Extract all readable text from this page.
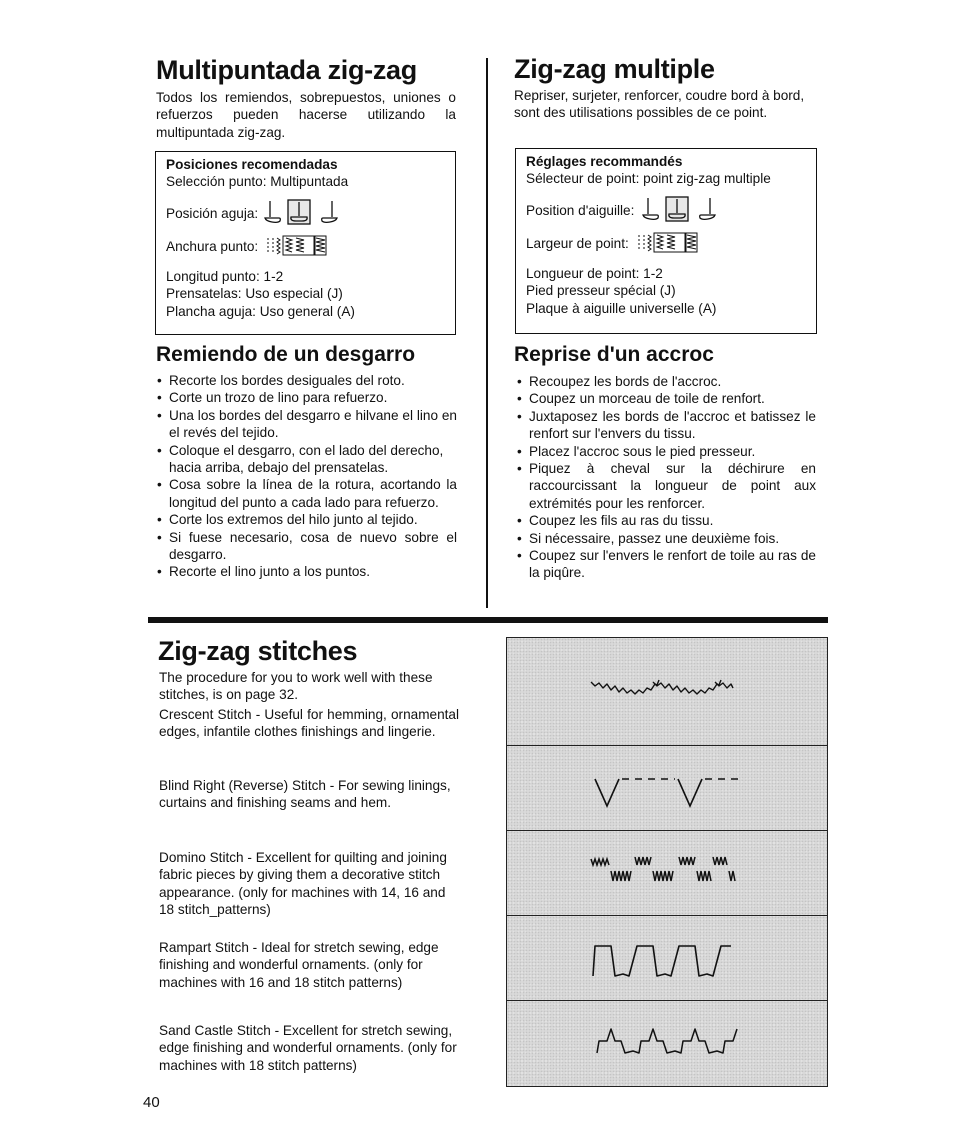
Multipuntada zig-zag

Todos los remiendos, sobrepuestos, uniones o refuerzos pueden hacerse utilizando la multipuntada zig-zag.

Posiciones recomendadas
Selección punto: Multipuntada
Posición aguja:
Anchura punto:
Longitud punto: 1-2
Prensatelas: Uso especial (J)
Plancha aguja: Uso general (A)
Remiendo de un desgarro
• Recorte los bordes desiguales del roto.
• Corte un trozo de lino para refuerzo.
• Una los bordes del desgarro e hilvane el lino en el revés del tejido.
• Coloque el desgarro, con el lado del derecho, hacia arriba, debajo del prensatelas.
• Cosa sobre la línea de la rotura, acortando la longitud del punto a cada lado para refuerzo.
• Corte los extremos del hilo junto al tejido.
• Si fuese necesario, cosa de nuevo sobre el desgarro.
• Recorte el lino junto a los puntos.
Zig-zag multiple

Repriser, surjeter, renforcer, coudre bord à bord, sont des utilisations possibles de ce point.

Réglages recommandés
Sélecteur de point: point zig-zag multiple
Position d'aiguille:
Largeur de point:
Longueur de point: 1-2
Pied presseur spécial (J)
Plaque à aiguille universelle (A)
Reprise d'un accroc
• Recoupez les bords de l'accroc.
• Coupez un morceau de toile de renfort.
• Juxtaposez les bords de l'accroc et batissez le renfort sur l'envers du tissu.
• Placez l'accroc sous le pied presseur.
• Piquez à cheval sur la déchirure en raccourcissant la longueur de point aux extrémités pour les renforcer.
• Coupez les fils au ras du tissu.
• Si nécessaire, passez une deuxième fois.
• Coupez sur l'envers le renfort de toile au ras de la piqûre.
Zig-zag stitches

The procedure for you to work well with these stitches, is on page 32.

Crescent Stitch - Useful for hemming, ornamental edges, infantile clothes finishings and lingerie.

Blind Right (Reverse) Stitch - For sewing linings, curtains and finishing seams and hem.

Domino Stitch - Excellent for quilting and joining fabric pieces by giving them a decorative stitch appearance. (only for machines with 14, 16 and 18 stitch_patterns)

Rampart Stitch - Ideal for stretch sewing, edge finishing and wonderful ornaments. (only for machines with 16 and 18 stitch patterns)

Sand Castle Stitch - Excellent for stretch sewing, edge finishing and wonderful ornaments. (only for machines with 18 stitch patterns)

40
